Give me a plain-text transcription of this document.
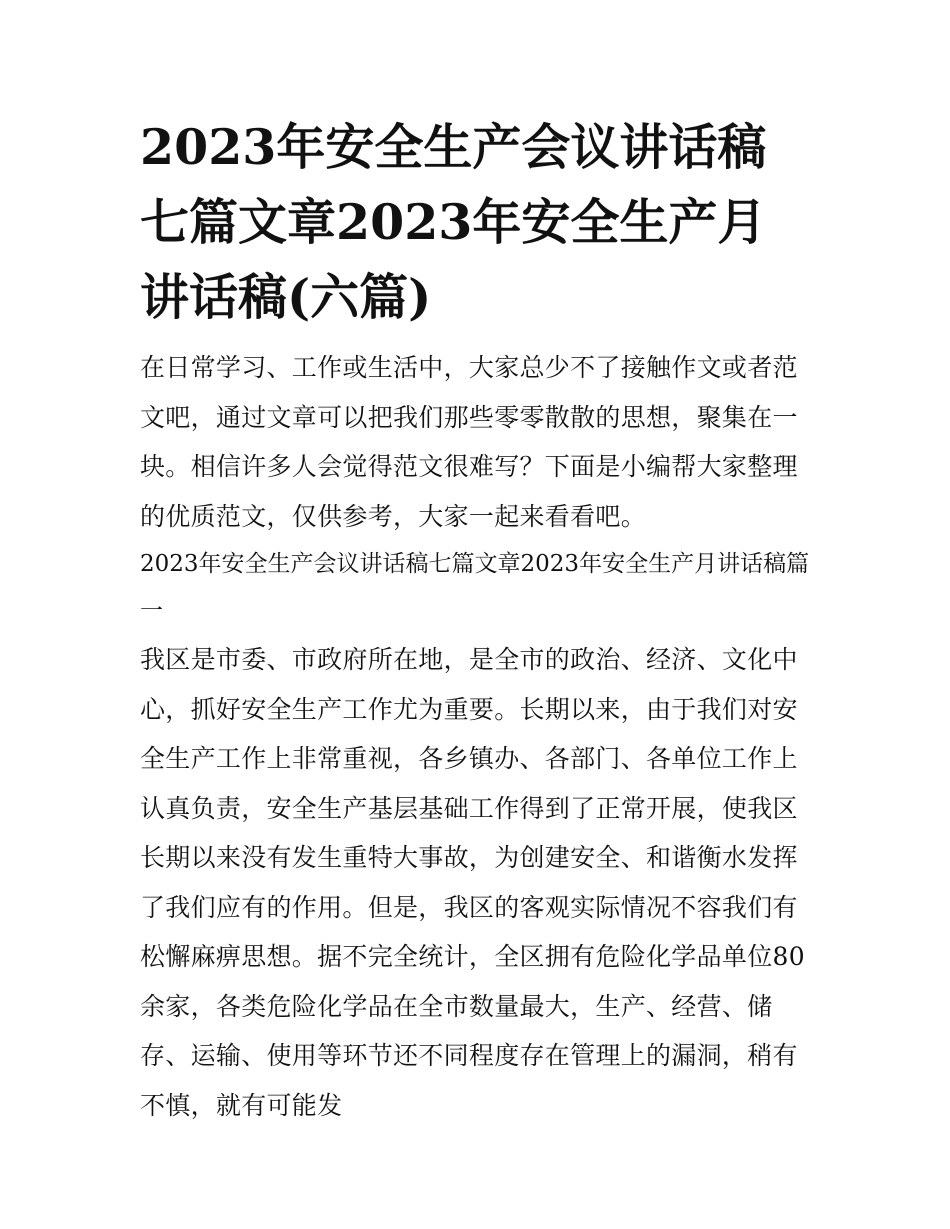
2023年安全生产会议讲话稿七篇文章2023年安全生产月讲话稿(六篇)

在日常学习、工作或生活中，大家总少不了接触作文或者范文吧，通过文章可以把我们那些零零散散的思想，聚集在一块。相信许多人会觉得范文很难写？下面是小编帮大家整理的优质范文，仅供参考，大家一起来看看吧。

2023年安全生产会议讲话稿七篇文章2023年安全生产月讲话稿篇一

我区是市委、市政府所在地，是全市的政治、经济、文化中心，抓好安全生产工作尤为重要。长期以来，由于我们对安全生产工作上非常重视，各乡镇办、各部门、各单位工作上认真负责，安全生产基层基础工作得到了正常开展，使我区长期以来没有发生重特大事故，为创建安全、和谐衡水发挥了我们应有的作用。但是，我区的客观实际情况不容我们有松懈麻痹思想。据不完全统计，全区拥有危险化学品单位80余家，各类危险化学品在全市数量最大，生产、经营、储存、运输、使用等环节还不同程度存在管理上的漏洞，稍有不慎，就有可能发
